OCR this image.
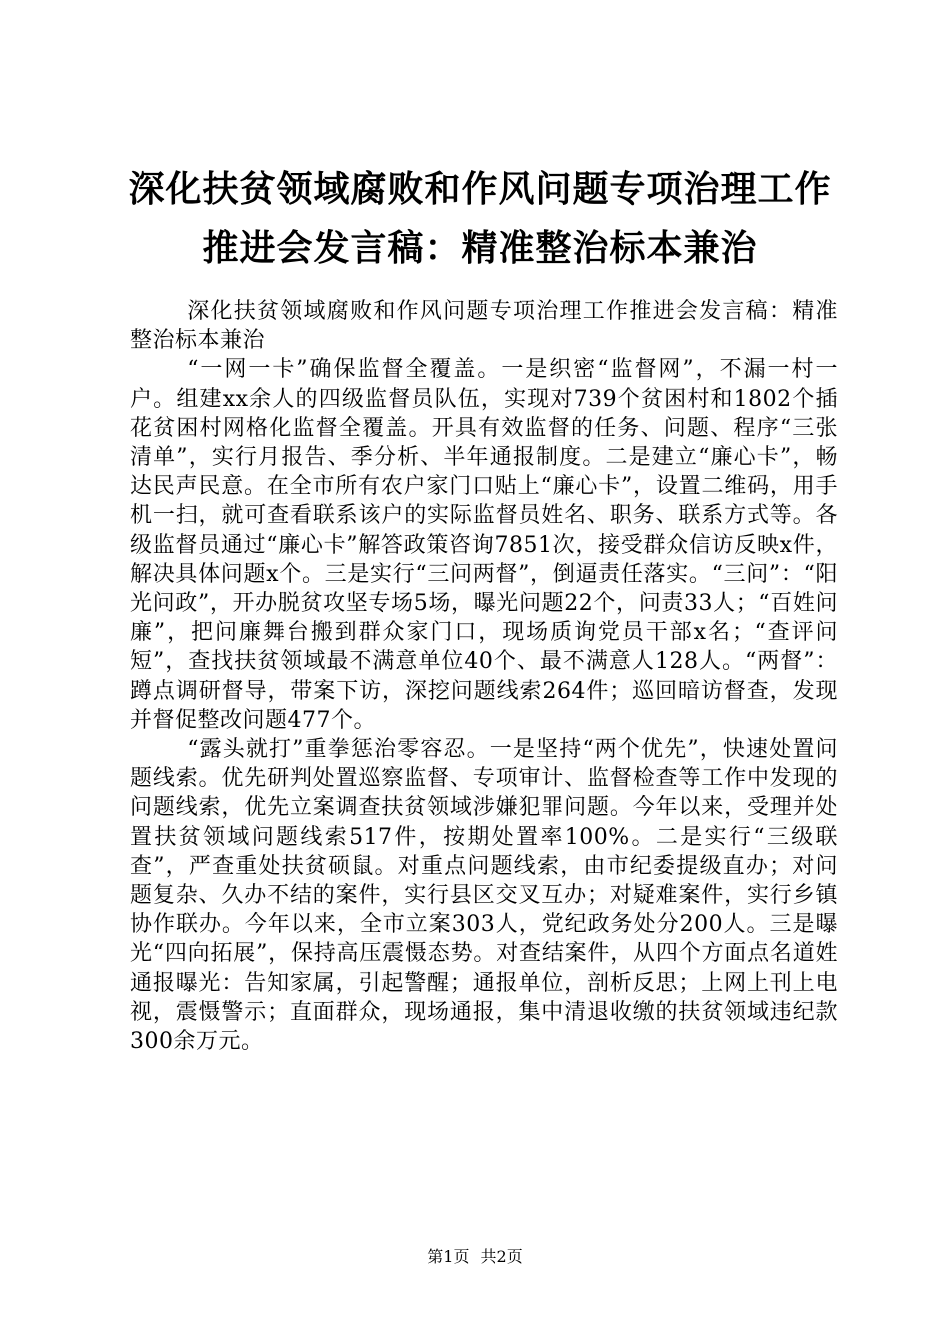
深化扶贫领域腐败和作风问题专项治理工作推进会发言稿：精准整治标本兼治

深化扶贫领域腐败和作风问题专项治理工作推进会发言稿：精准整治标本兼治

“一网一卡”确保监督全覆盖。一是织密“监督网”，不漏一村一户。组建xx余人的四级监督员队伍，实现对739个贫困村和1802个插花贫困村网格化监督全覆盖。开具有效监督的任务、问题、程序“三张清单”，实行月报告、季分析、半年通报制度。二是建立“廉心卡”，畅达民声民意。在全市所有农户家门口贴上“廉心卡”，设置二维码，用手机一扫，就可查看联系该户的实际监督员姓名、职务、联系方式等。各级监督员通过“廉心卡”解答政策咨询7851次，接受群众信访反映x件，解决具体问题x个。三是实行“三问两督”，倒逼责任落实。“三问”：“阳光问政”，开办脱贫攻坚专场5场，曝光问题22个，问责33人；“百姓问廉”，把问廉舞台搬到群众家门口，现场质询党员干部x名；“查评问短”，查找扶贫领域最不满意单位40个、最不满意人128人。“两督”：蹲点调研督导，带案下访，深挖问题线索264件；巡回暗访督查，发现并督促整改问题477个。

“露头就打”重拳惩治零容忍。一是坚持“两个优先”，快速处置问题线索。优先研判处置巡察监督、专项审计、监督检查等工作中发现的问题线索，优先立案调查扶贫领域涉嫌犯罪问题。今年以来，受理并处置扶贫领域问题线索517件，按期处置率100%。二是实行“三级联查”，严查重处扶贫硕鼠。对重点问题线索，由市纪委提级直办；对问题复杂、久办不结的案件，实行县区交叉互办；对疑难案件，实行乡镇协作联办。今年以来，全市立案303人，党纪政务处分200人。三是曝光“四向拓展”，保持高压震慑态势。对查结案件，从四个方面点名道姓通报曝光：告知家属，引起警醒；通报单位，剖析反思；上网上刊上电视，震慑警示；直面群众，现场通报，集中清退收缴的扶贫领域违纪款300余万元。

第1页 共2页
